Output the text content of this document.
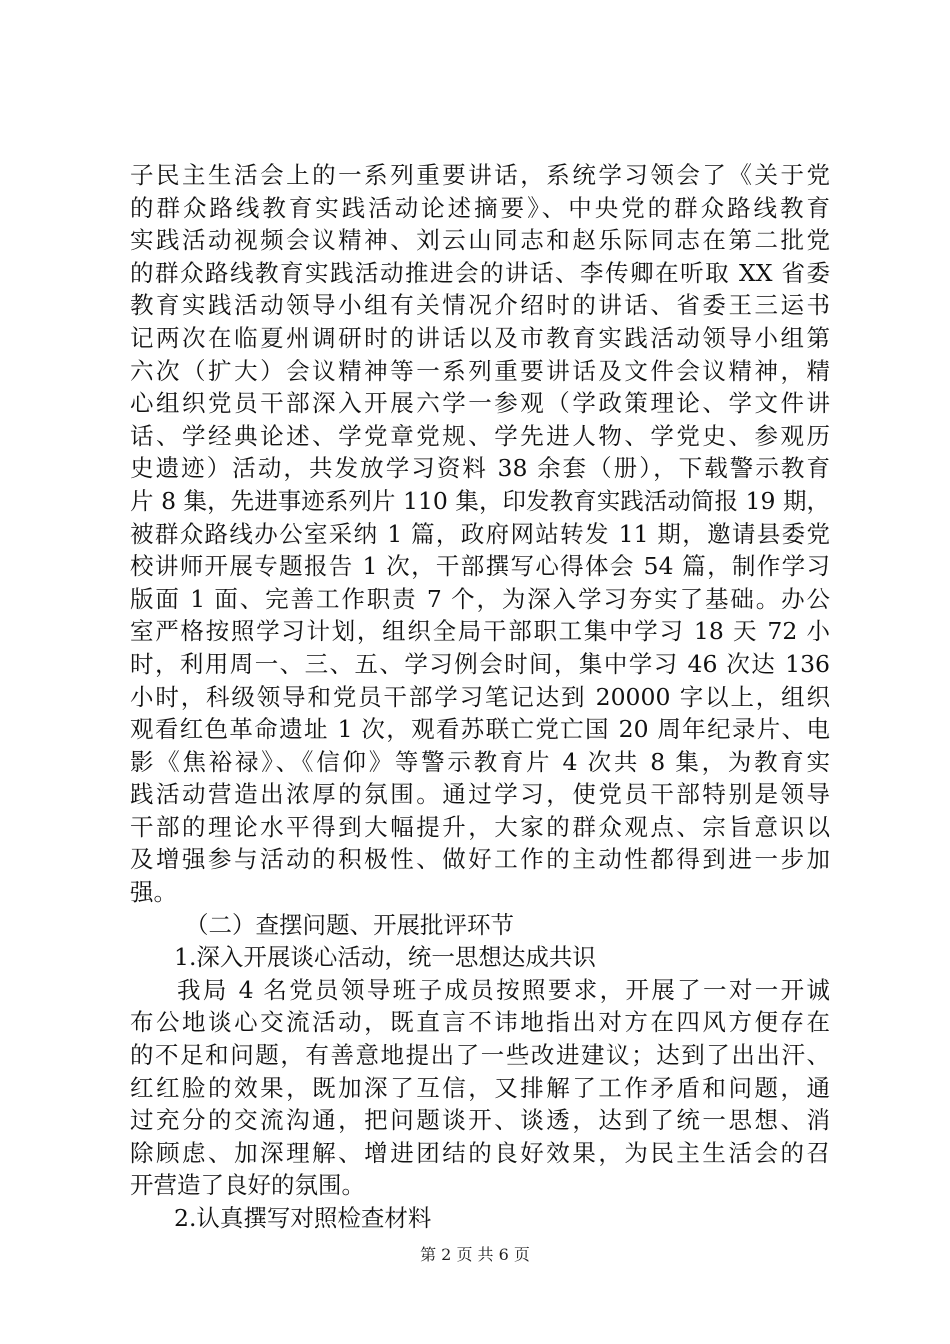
子民主生活会上的一系列重要讲话，系统学习领会了《关于党
的群众路线教育实践活动论述摘要》、中央党的群众路线教育
实践活动视频会议精神、刘云山同志和赵乐际同志在第二批党
的群众路线教育实践活动推进会的讲话、李传卿在听取 XX 省委
教育实践活动领导小组有关情况介绍时的讲话、省委王三运书
记两次在临夏州调研时的讲话以及市教育实践活动领导小组第
六次（扩大）会议精神等一系列重要讲话及文件会议精神，精
心组织党员干部深入开展六学一参观（学政策理论、学文件讲
话、学经典论述、学党章党规、学先进人物、学党史、参观历
史遗迹）活动，共发放学习资料 38 余套（册），下载警示教育
片 8 集，先进事迹系列片 110 集，印发教育实践活动简报 19 期，
被群众路线办公室采纳 1 篇，政府网站转发 11 期，邀请县委党
校讲师开展专题报告 1 次，干部撰写心得体会 54 篇，制作学习
版面 1 面、完善工作职责 7 个，为深入学习夯实了基础。办公
室严格按照学习计划，组织全局干部职工集中学习 18 天 72 小
时，利用周一、三、五、学习例会时间，集中学习 46 次达 136
小时，科级领导和党员干部学习笔记达到 20000 字以上，组织
观看红色革命遗址 1 次，观看苏联亡党亡国 20 周年纪录片、电
影《焦裕禄》、《信仰》等警示教育片 4 次共 8 集，为教育实
践活动营造出浓厚的氛围。通过学习，使党员干部特别是领导
干部的理论水平得到大幅提升，大家的群众观点、宗旨意识以
及增强参与活动的积极性、做好工作的主动性都得到进一步加
强。
（二）查摆问题、开展批评环节
1.深入开展谈心活动，统一思想达成共识
我局 4 名党员领导班子成员按照要求，开展了一对一开诚
布公地谈心交流活动，既直言不讳地指出对方在四风方便存在
的不足和问题，有善意地提出了一些改进建议；达到了出出汗、
红红脸的效果，既加深了互信，又排解了工作矛盾和问题，通
过充分的交流沟通，把问题谈开、谈透，达到了统一思想、消
除顾虑、加深理解、增进团结的良好效果，为民主生活会的召
开营造了良好的氛围。
2.认真撰写对照检查材料
第 2 页 共 6 页
